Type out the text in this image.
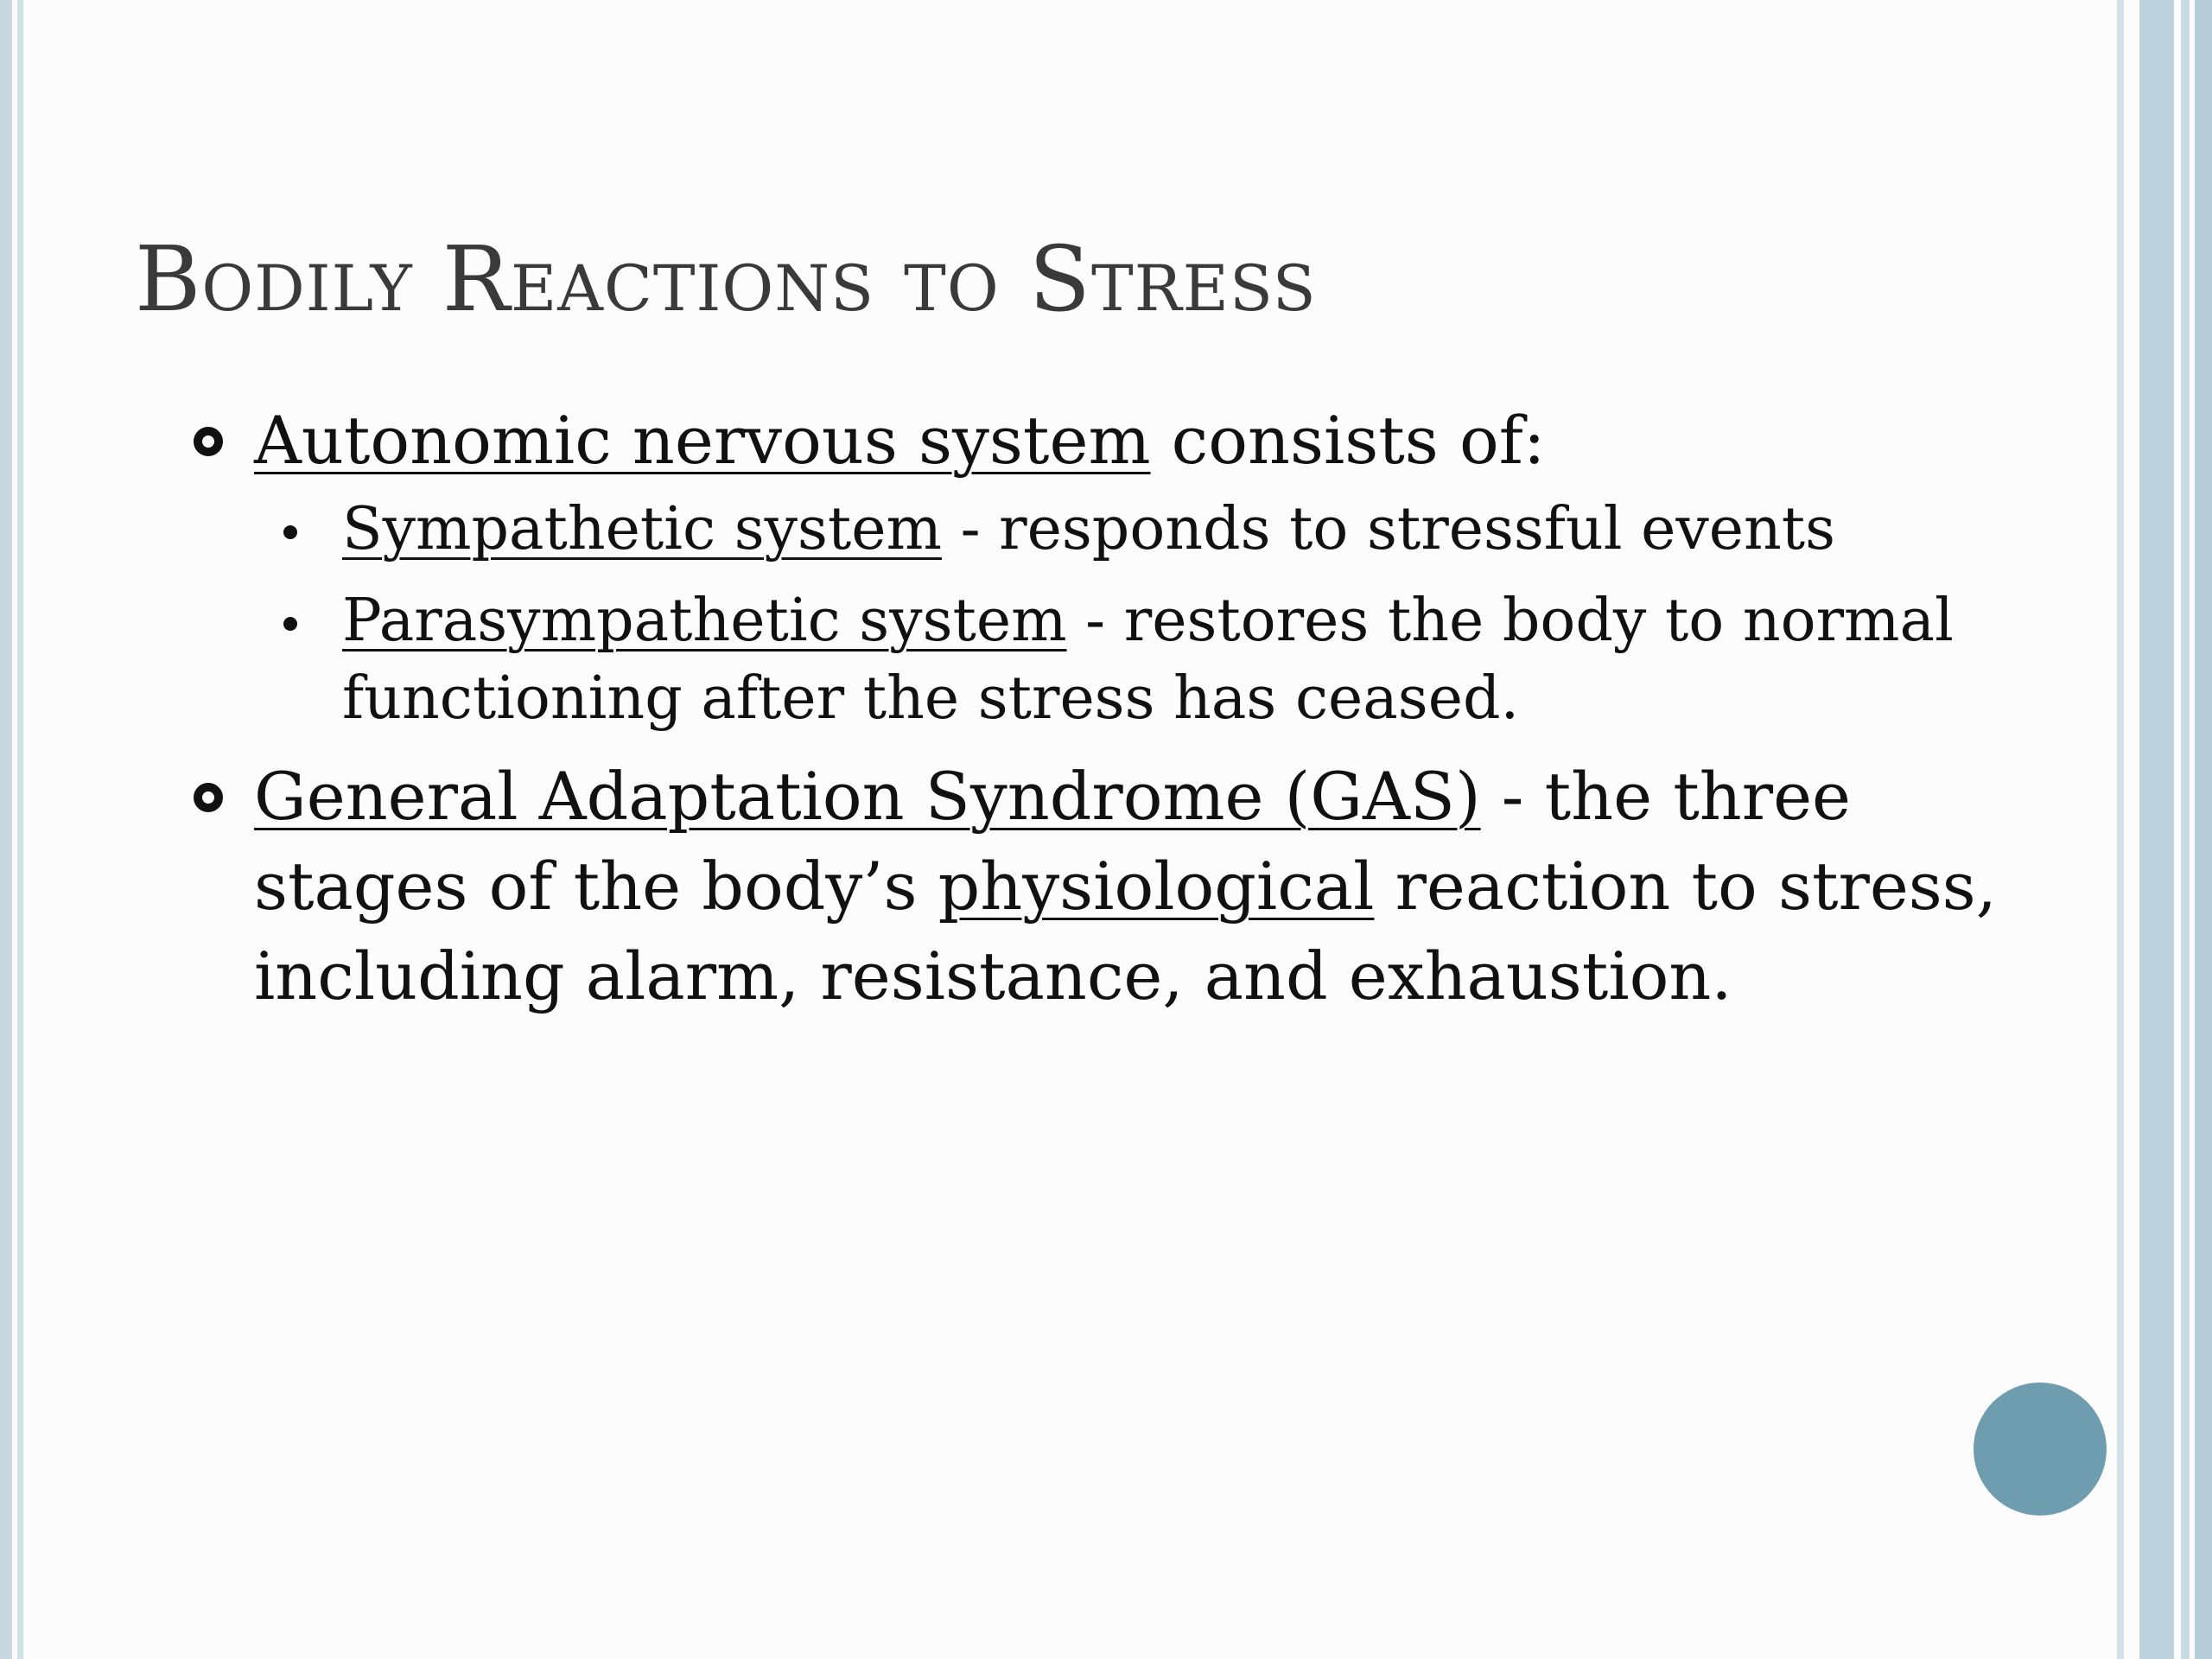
Bodily Reactions to Stress

Autonomic nervous system consists of:

Sympathetic system - responds to stressful events
Parasympathetic system - restores the body to normal functioning after the stress has ceased.

General Adaptation Syndrome (GAS) - the three stages of the body’s physiological reaction to stress, including alarm, resistance, and exhaustion.
